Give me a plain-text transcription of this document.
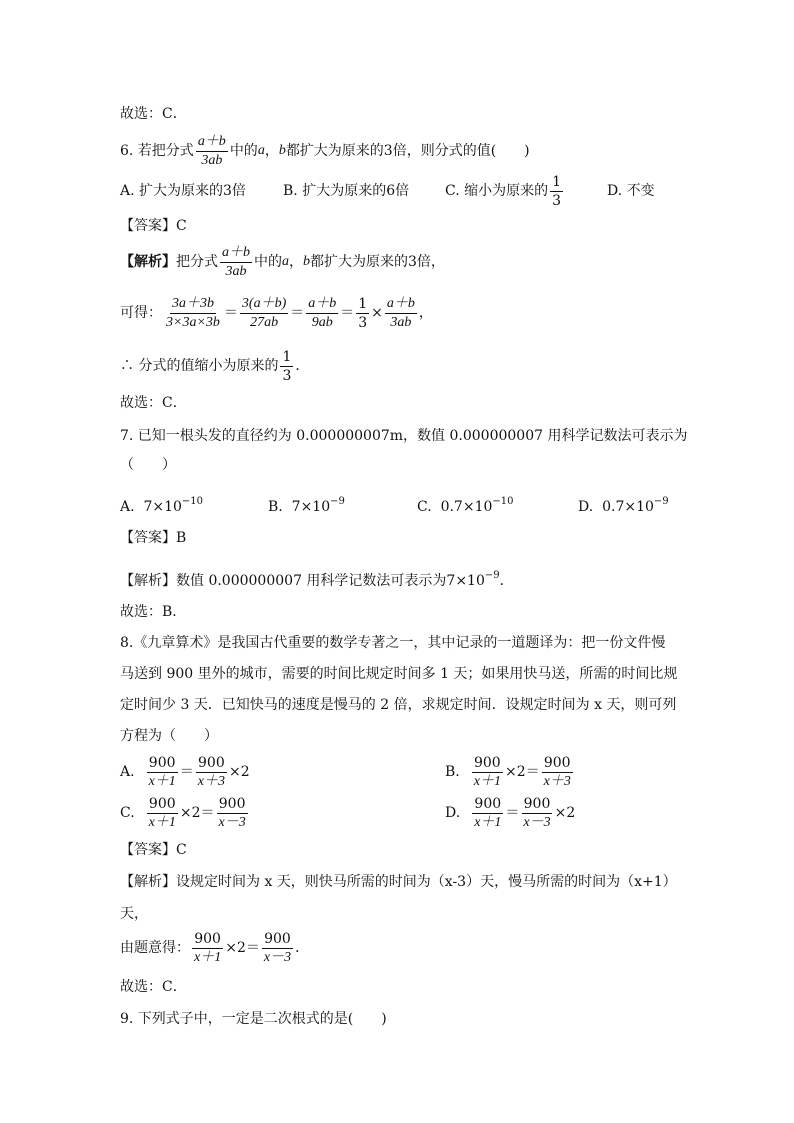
故选：C．
6. 若把分式 $\frac{a+b}{3ab}$ 中的 a ， b 都扩大为原来的3倍，则分式的值(　　)
A. 扩大为原来的3倍	B. 扩大为原来的6倍	C. 缩小为原来的 $\frac{1}{3}$	D. 不变
【答案】C
【解析】 把分式 $\frac{a+b}{3ab}$ 中的 a ， b 都扩大为原来的3倍，
可得： $\frac{3a+3b}{3\times 3a\times 3b} = \frac{3(a+b)}{27ab} = \frac{a+b}{9ab} = \frac{1}{3} \times \frac{a+b}{3ab}$ ，
∴ 分式的值缩小为原来的 $\frac{1}{3}$ ．
故选：C．
7. 已知一根头发的直径约为 0.000000007m，数值 0.000000007 用科学记数法可表示为
（　　）
A. $7\times 10^{-10}$	B. $7\times 10^{-9}$	C. $0.7\times 10^{-10}$	D. $0.7\times 10^{-9}$
【答案】B
【解析】数值 0.000000007 用科学记数法可表示为$7\times 10^{-9}$．
故选：B．
8.《九章算术》是我国古代重要的数学专著之一，其中记录的一道题译为：把一份文件慢
马送到 900 里外的城市，需要的时间比规定时间多 1 天；如果用快马送，所需的时间比规
定时间少 3 天．已知快马的速度是慢马的 2 倍，求规定时间．设规定时间为 x 天，则可列
方程为（　　）
A. $\frac{900}{x+1} = \frac{900}{x+3} \times 2$	B. $\frac{900}{x+1} \times 2 = \frac{900}{x+3}$
C. $\frac{900}{x+1} \times 2 = \frac{900}{x-3}$	D. $\frac{900}{x+1} = \frac{900}{x-3} \times 2$
【答案】C
【解析】设规定时间为 x 天，则快马所需的时间为（x-3）天，慢马所需的时间为（x+1）
天，
由题意得： $\frac{900}{x+1} \times 2 = \frac{900}{x-3}$ ．
故选：C．
9. 下列式子中，一定是二次根式的是(　　)
